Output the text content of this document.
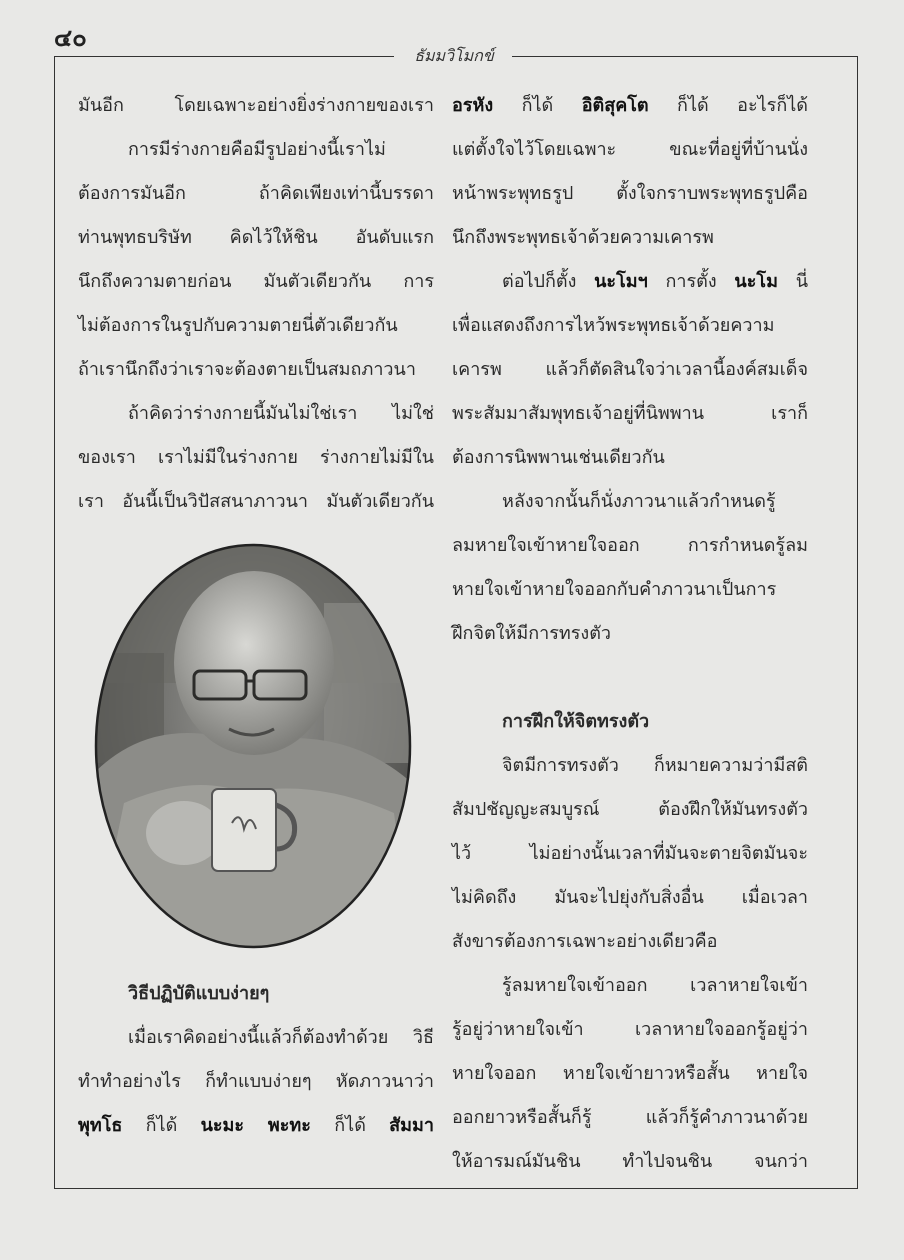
๔๐
ธัมมวิโมกข์
มันอีก โดยเฉพาะอย่างยิ่งร่างกายของเรา
การมีร่างกายคือมีรูปอย่างนี้เราไม่
ต้องการมันอีก ถ้าคิดเพียงเท่านี้บรรดา
ท่านพุทธบริษัท คิดไว้ให้ชิน อันดับแรก
นึกถึงความตายก่อน มันตัวเดียวกัน การ
ไม่ต้องการในรูปกับความตายนี่ตัวเดียวกัน
ถ้าเรานึกถึงว่าเราจะต้องตายเป็นสมถภาวนา
ถ้าคิดว่าร่างกายนี้มันไม่ใช่เรา ไม่ใช่
ของเรา เราไม่มีในร่างกาย ร่างกายไม่มีใน
เรา อันนี้เป็นวิปัสสนาภาวนา มันตัวเดียวกัน
วิธีปฏิบัติแบบง่ายๆ
เมื่อเราคิดอย่างนี้แล้วก็ต้องทำด้วย วิธี
ทำทำอย่างไร ก็ทำแบบง่ายๆ หัดภาวนาว่า
พุทโธ ก็ได้ นะมะ พะทะ ก็ได้ สัมมา
อรหัง ก็ได้ อิติสุคโต ก็ได้ อะไรก็ได้
แต่ตั้งใจไว้โดยเฉพาะ ขณะที่อยู่ที่บ้านนั่ง
หน้าพระพุทธรูป ตั้งใจกราบพระพุทธรูปคือ
นึกถึงพระพุทธเจ้าด้วยความเคารพ
ต่อไปก็ตั้ง นะโมฯ การตั้ง นะโม นี่
เพื่อแสดงถึงการไหว้พระพุทธเจ้าด้วยความ
เคารพ แล้วก็ตัดสินใจว่าเวลานี้องค์สมเด็จ
พระสัมมาสัมพุทธเจ้าอยู่ที่นิพพาน เราก็
ต้องการนิพพานเช่นเดียวกัน
หลังจากนั้นก็นั่งภาวนาแล้วกำหนดรู้
ลมหายใจเข้าหายใจออก การกำหนดรู้ลม
หายใจเข้าหายใจออกกับคำภาวนาเป็นการ
ฝึกจิตให้มีการทรงตัว
การฝึกให้จิตทรงตัว
จิตมีการทรงตัว ก็หมายความว่ามีสติ
สัมปชัญญะสมบูรณ์ ต้องฝึกให้มันทรงตัว
ไว้ ไม่อย่างนั้นเวลาที่มันจะตายจิตมันจะ
ไม่คิดถึง มันจะไปยุ่งกับสิ่งอื่น เมื่อเวลา
สังขารต้องการเฉพาะอย่างเดียวคือ
รู้ลมหายใจเข้าออก เวลาหายใจเข้า
รู้อยู่ว่าหายใจเข้า เวลาหายใจออกรู้อยู่ว่า
หายใจออก หายใจเข้ายาวหรือสั้น หายใจ
ออกยาวหรือสั้นก็รู้ แล้วก็รู้คำภาวนาด้วย
ให้อารมณ์มันชิน ทำไปจนชิน จนกว่า
